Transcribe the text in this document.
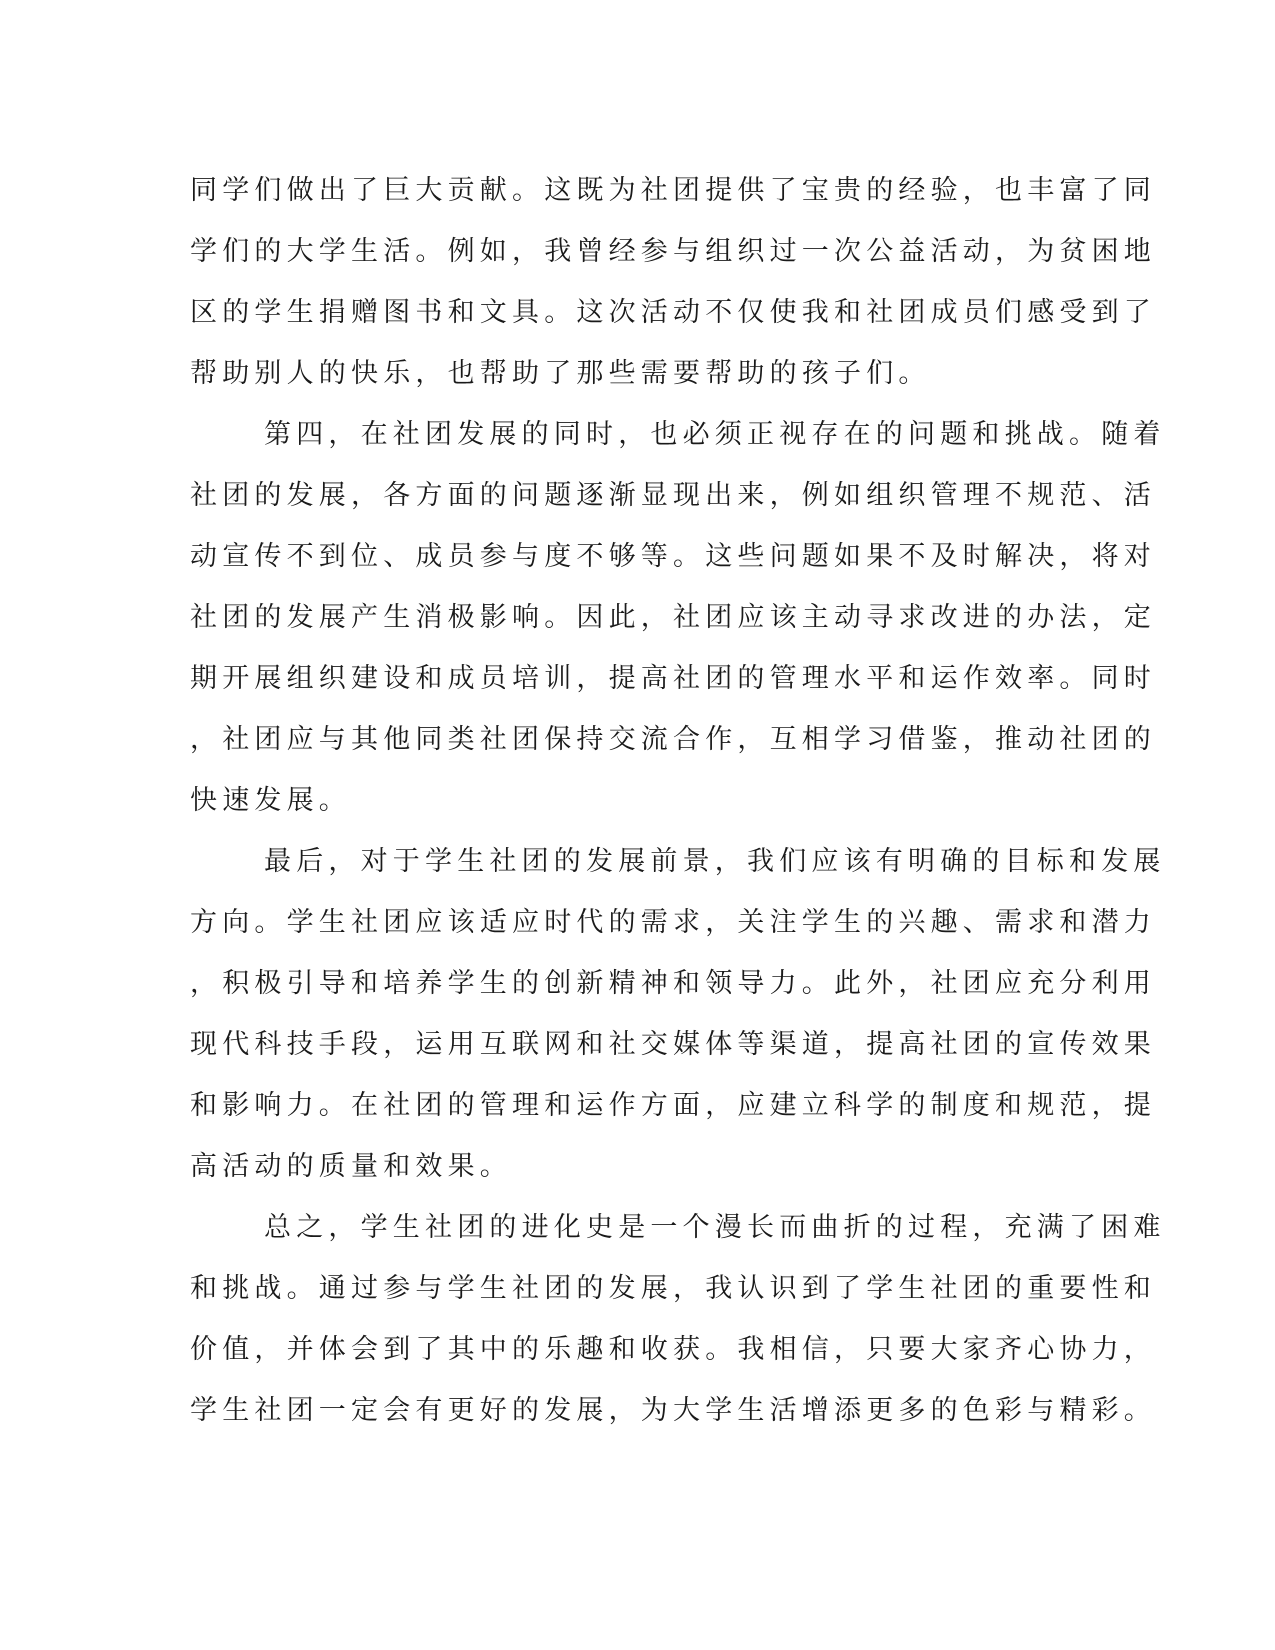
同学们做出了巨大贡献。这既为社团提供了宝贵的经验，也丰富了同
学们的大学生活。例如，我曾经参与组织过一次公益活动，为贫困地
区的学生捐赠图书和文具。这次活动不仅使我和社团成员们感受到了
帮助别人的快乐，也帮助了那些需要帮助的孩子们。
第四，在社团发展的同时，也必须正视存在的问题和挑战。随着
社团的发展，各方面的问题逐渐显现出来，例如组织管理不规范、活
动宣传不到位、成员参与度不够等。这些问题如果不及时解决，将对
社团的发展产生消极影响。因此，社团应该主动寻求改进的办法，定
期开展组织建设和成员培训，提高社团的管理水平和运作效率。同时
，社团应与其他同类社团保持交流合作，互相学习借鉴，推动社团的
快速发展。
最后，对于学生社团的发展前景，我们应该有明确的目标和发展
方向。学生社团应该适应时代的需求，关注学生的兴趣、需求和潜力
，积极引导和培养学生的创新精神和领导力。此外，社团应充分利用
现代科技手段，运用互联网和社交媒体等渠道，提高社团的宣传效果
和影响力。在社团的管理和运作方面，应建立科学的制度和规范，提
高活动的质量和效果。
总之，学生社团的进化史是一个漫长而曲折的过程，充满了困难
和挑战。通过参与学生社团的发展，我认识到了学生社团的重要性和
价值，并体会到了其中的乐趣和收获。我相信，只要大家齐心协力，
学生社团一定会有更好的发展，为大学生活增添更多的色彩与精彩。
